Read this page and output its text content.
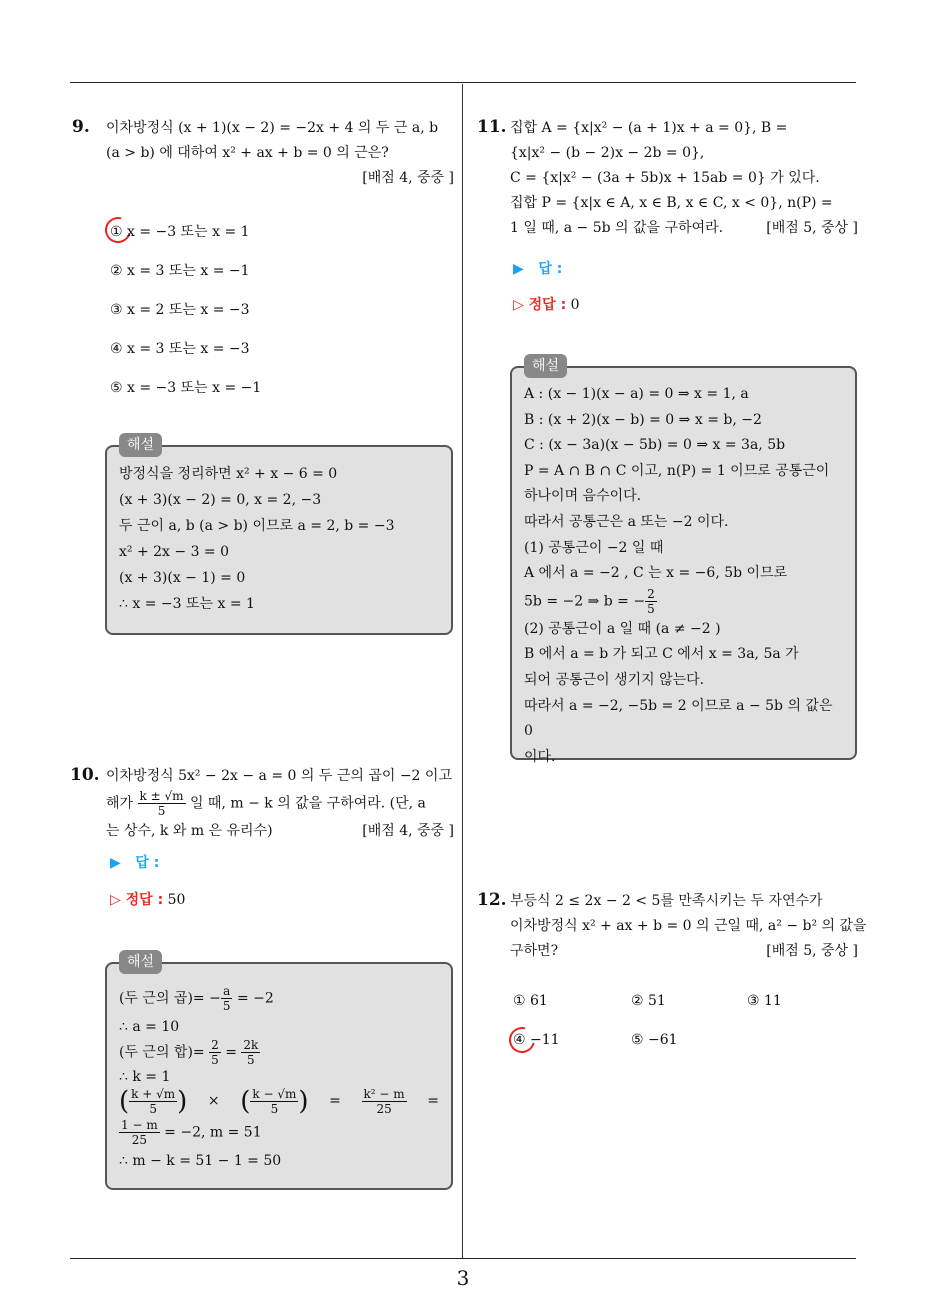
3
9. 이차방정식 (x + 1)(x − 2) = −2x + 4 의 두 근 a, b
(a > b) 에 대하여 x² + ax + b = 0 의 근은?
[배점 4, 중중 ]
① x = −3 또는 x = 1
② x = 3 또는 x = −1
③ x = 2 또는 x = −3
④ x = 3 또는 x = −3
⑤ x = −3 또는 x = −1
해설
방정식을 정리하면 x² + x − 6 = 0
(x + 3)(x − 2) = 0, x = 2, −3
두 근이 a, b (a > b) 이므로 a = 2, b = −3
x² + 2x − 3 = 0
(x + 3)(x − 1) = 0
∴ x = −3 또는 x = 1
10. 이차방정식 5x² − 2x − a = 0 의 두 근의 곱이 −2 이고
해가 $\frac{k \pm √m}{5}$ 일 때, m − k 의 값을 구하여라. (단, a
는 상수, k 와 m 은 유리수)	[배점 4, 중중 ]
▶   답 :
▷ 정답 : 50
해설
(두 근의 곱)= − $\frac{a}{5} = -2$
∴ a = 10
(두 근의 합)= $\frac{2}{5} = \frac{2k}{5}$
∴ k = 1
( $\frac{k + √m}{5}$ ) × ( $\frac{k - √m}{5}$ ) = $\frac{\text{k² − m}}{25}$ =
$\frac{1 - m}{25} = -2$, m = 51
∴ m − k = 51 − 1 = 50
11. 집합 A = {x|x² − (a + 1)x + a = 0}, B =
{x|x² − (b − 2)x − 2b = 0},
C = {x|x² − (3a + 5b)x + 15ab = 0} 가 있다.
집합 P = {x|x ∈ A, x ∈ B, x ∈ C, x < 0}, n(P) =
1 일 때, a − 5b 의 값을 구하여라.	[배점 5, 중상 ]
▶   답 :
▷ 정답 : 0
해설
A : (x − 1)(x − a) = 0 ⇒ x = 1, a
B : (x + 2)(x − b) = 0 ⇒ x = b, −2
C : (x − 3a)(x − 5b) = 0 ⇒ x = 3a, 5b
P = A ∩ B ∩ C 이고, n(P) = 1 이므로 공통근이
하나이며 음수이다.
따라서 공통근은 a 또는 −2 이다.
(1) 공통근이 −2 일 때
A 에서 a = −2 , C 는 x = −6, 5b 이므로
5b = −2 ⇒ b = − $\frac{2}{5}$
(2) 공통근이 a 일 때 (a ≠ −2 )
B 에서 a = b 가 되고 C 에서 x = 3a, 5a 가
되어 공통근이 생기지 않는다.
따라서 a = −2, −5b = 2 이므로 a − 5b 의 값은 0
이다.
12. 부등식 2 ≤ 2x − 2 < 5를 만족시키는 두 자연수가
이차방정식 x² + ax + b = 0 의 근일 때, a² − b² 의 값을
구하면?	[배점 5, 중상 ]
① 61	② 51	③ 11
④ −11	⑤ −61
